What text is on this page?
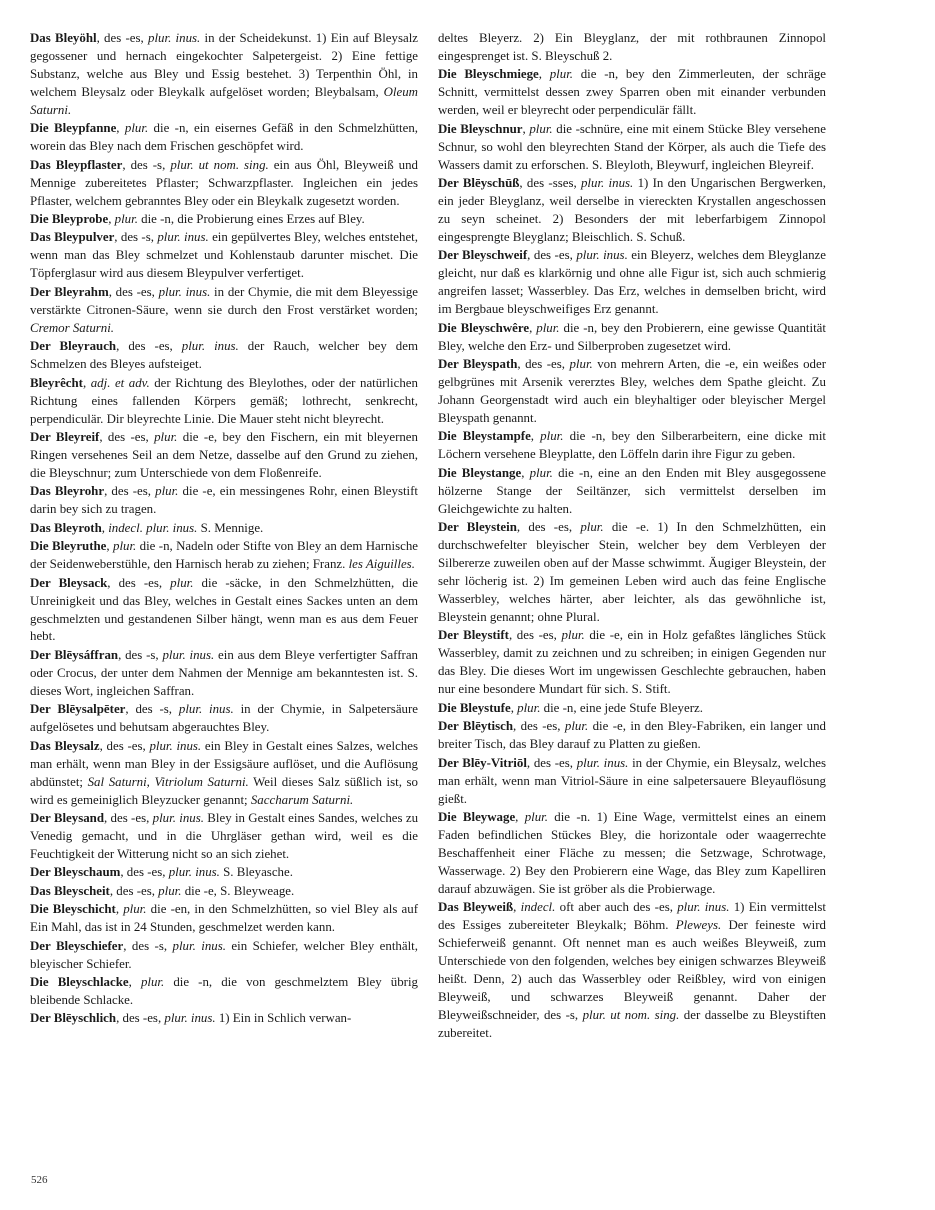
Das Bleyöhl, des -es, plur. inus. in der Scheidekunst. 1) Ein auf Bleysalz gegossener und hernach eingekochter Salpetergeist. 2) Eine fettige Substanz, welche aus Bley und Essig bestehet. 3) Terpenthin Öhl, in welchem Bleysalz oder Bleykalk aufgelöset worden; Bleybalsam, Oleum Saturni.

Die Bleypfanne, plur. die -n, ein eisernes Gefäß in den Schmelzhütten, worein das Bley nach dem Frischen geschöpfet wird.

Das Bleypflaster, des -s, plur. ut nom. sing. ein aus Öhl, Bleyweiß und Mennige zubereitetes Pflaster; Schwarzpflaster. Ingleichen ein jedes Pflaster, welchem gebranntes Bley oder ein Bleykalk zugesetzt worden.

Die Bleyprobe, plur. die -n, die Probierung eines Erzes auf Bley.

Das Bleypulver, des -s, plur. inus. ein gepülvertes Bley, welches entstehet, wenn man das Bley schmelzet und Kohlenstaub darunter mischet. Die Töpferglasur wird aus diesem Bleypulver verfertiget.

Der Bleyrahm, des -es, plur. inus. in der Chymie, die mit dem Bleyessige verstärkte Citronen-Säure, wenn sie durch den Frost verstärket worden; Cremor Saturni.

Der Bleyrauch, des -es, plur. inus. der Rauch, welcher bey dem Schmelzen des Bleyes aufsteiget.

Bleyrêcht, adj. et adv. der Richtung des Bleylothes, oder der natürlichen Richtung eines fallenden Körpers gemäß; lothrecht, senkrecht, perpendiculär. Dir bleyrechte Linie. Die Mauer steht nicht bleyrecht.

Der Bleyreif, des -es, plur. die -e, bey den Fischern, ein mit bleyernen Ringen versehenes Seil an dem Netze, dasselbe auf den Grund zu ziehen, die Bleyschnur; zum Unterschiede von dem Floßenreife.

Das Bleyrohr, des -es, plur. die -e, ein messingenes Rohr, einen Bleystift darin bey sich zu tragen.

Das Bleyroth, indecl. plur. inus. S. Mennige.

Die Bleyruthe, plur. die -n, Nadeln oder Stifte von Bley an dem Harnische der Seidenweberstühle, den Harnisch herab zu ziehen; Franz. les Aiguilles.

Der Bleysack, des -es, plur. die -säcke, in den Schmelzhütten, die Unreinigkeit und das Bley, welches in Gestalt eines Sackes unten an dem geschmelzten und gestandenen Silber hängt, wenn man es aus dem Feuer hebt.

Der Blēysáffran, des -s, plur. inus. ein aus dem Bleye verfertigter Saffran oder Crocus, der unter dem Nahmen der Mennige am bekanntesten ist. S. dieses Wort, ingleichen Saffran.

Der Blēysalpēter, des -s, plur. inus. in der Chymie, in Salpetersäure aufgelösetes und behutsam abgerauchtes Bley.

Das Bleysalz, des -es, plur. inus. ein Bley in Gestalt eines Salzes, welches man erhält, wenn man Bley in der Essigsäure auflöset, und die Auflösung abdünstet; Sal Saturni, Vitriolum Saturni. Weil dieses Salz süßlich ist, so wird es gemeiniglich Bleyzucker genannt; Saccharum Saturni.

Der Bleysand, des -es, plur. inus. Bley in Gestalt eines Sandes, welches zu Venedig gemacht, und in die Uhrgläser gethan wird, weil es die Feuchtigkeit der Witterung nicht so an sich ziehet.

Der Bleyschaum, des -es, plur. inus. S. Bleyasche.

Das Bleyscheit, des -es, plur. die -e, S. Bleyweage.

Die Bleyschicht, plur. die -en, in den Schmelzhütten, so viel Bley als auf Ein Mahl, das ist in 24 Stunden, geschmelzet werden kann.

Der Bleyschiefer, des -s, plur. inus. ein Schiefer, welcher Bley enthält, bleyischer Schiefer.

Die Bleyschlacke, plur. die -n, die von geschmelztem Bley übrig bleibende Schlacke.

Der Blēyschlich, des -es, plur. inus. 1) Ein in Schlich verwan-

deltes Bleyerz. 2) Ein Bleyglanz, der mit rothbraunen Zinnopol eingesprenget ist. S. Bleyschuß 2.

Die Bleyschmiege, plur. die -n, bey den Zimmerleuten, der schräge Schnitt, vermittelst dessen zwey Sparren oben mit einander verbunden werden, weil er bleyrecht oder perpendiculär fällt.

Die Bleyschnur, plur. die -schnüre, eine mit einem Stücke Bley versehene Schnur, so wohl den bleyrechten Stand der Körper, als auch die Tiefe des Wassers damit zu erforschen. S. Bleyloth, Bleywurf, ingleichen Bleyreif.

Der Blēyschūß, des -sses, plur. inus. 1) In den Ungarischen Bergwerken, ein jeder Bleyglanz, weil derselbe in viereckten Krystallen angeschossen zu seyn scheinet. 2) Besonders der mit leberfarbigem Zinnopol eingesprengte Bleyglanz; Bleischlich. S. Schuß.

Der Bleyschweif, des -es, plur. inus. ein Bleyerz, welches dem Bleyglanze gleicht, nur daß es klarkörnig und ohne alle Figur ist, sich auch schmierig angreifen lasset; Wasserbley. Das Erz, welches in demselben bricht, wird im Bergbaue bleyschweifiges Erz genannt.

Die Bleyschwêre, plur. die -n, bey den Probierern, eine gewisse Quantität Bley, welche den Erz- und Silberproben zugesetzet wird.

Der Bleyspath, des -es, plur. von mehrern Arten, die -e, ein weißes oder gelbgrünes mit Arsenik vererztes Bley, welches dem Spathe gleicht. Zu Johann Georgenstadt wird auch ein bleyhaltiger oder bleyischer Mergel Bleyspath genannt.

Die Bleystampfe, plur. die -n, bey den Silberarbeitern, eine dicke mit Löchern versehene Bleyplatte, den Löffeln darin ihre Figur zu geben.

Die Bleystange, plur. die -n, eine an den Enden mit Bley ausgegossene hölzerne Stange der Seiltänzer, sich vermittelst derselben im Gleichgewichte zu halten.

Der Bleystein, des -es, plur. die -e. 1) In den Schmelzhütten, ein durchschwefelter bleyischer Stein, welcher bey dem Verbleyen der Silbererze zuweilen oben auf der Masse schwimmt. Äugiger Bleystein, der sehr löcherig ist. 2) Im gemeinen Leben wird auch das feine Englische Wasserbley, welches härter, aber leichter, als das gewöhnliche ist, Bleystein genannt; ohne Plural.

Der Bleystift, des -es, plur. die -e, ein in Holz gefaßtes längliches Stück Wasserbley, damit zu zeichnen und zu schreiben; in einigen Gegenden nur das Bley. Die dieses Wort im ungewissen Geschlechte gebrauchen, haben nur eine besondere Mundart für sich. S. Stift.

Die Bleystufe, plur. die -n, eine jede Stufe Bleyerz.

Der Blēytisch, des -es, plur. die -e, in den Bley-Fabriken, ein langer und breiter Tisch, das Bley darauf zu Platten zu gießen.

Der Blēy-Vitriōl, des -es, plur. inus. in der Chymie, ein Bleysalz, welches man erhält, wenn man Vitriol-Säure in eine salpetersauere Bleyauflösung gießt.

Die Bleywage, plur. die -n. 1) Eine Wage, vermittelst eines an einem Faden befindlichen Stückes Bley, die horizontale oder waagerrechte Beschaffenheit einer Fläche zu messen; die Setzwage, Schrotwage, Wasserwage. 2) Bey den Probierern eine Wage, das Bley zum Kapelliren darauf abzuwägen. Sie ist gröber als die Probierwage.

Das Bleyweiß, indecl. oft aber auch des -es, plur. inus. 1) Ein vermittelst des Essiges zubereiteter Bleykalk; Böhm. Pleweys. Der feineste wird Schieferweiß genannt. Oft nennet man es auch weißes Bleyweiß, zum Unterschiede von den folgenden, welches bey einigen schwarzes Bleyweiß heißt. Denn, 2) auch das Wasserbley oder Reißbley, wird von einigen Bleyweiß, und schwarzes Bleyweiß genannt. Daher der Bleyweißschneider, des -s, plur. ut nom. sing. der dasselbe zu Bleystiften zubereitet.

526
